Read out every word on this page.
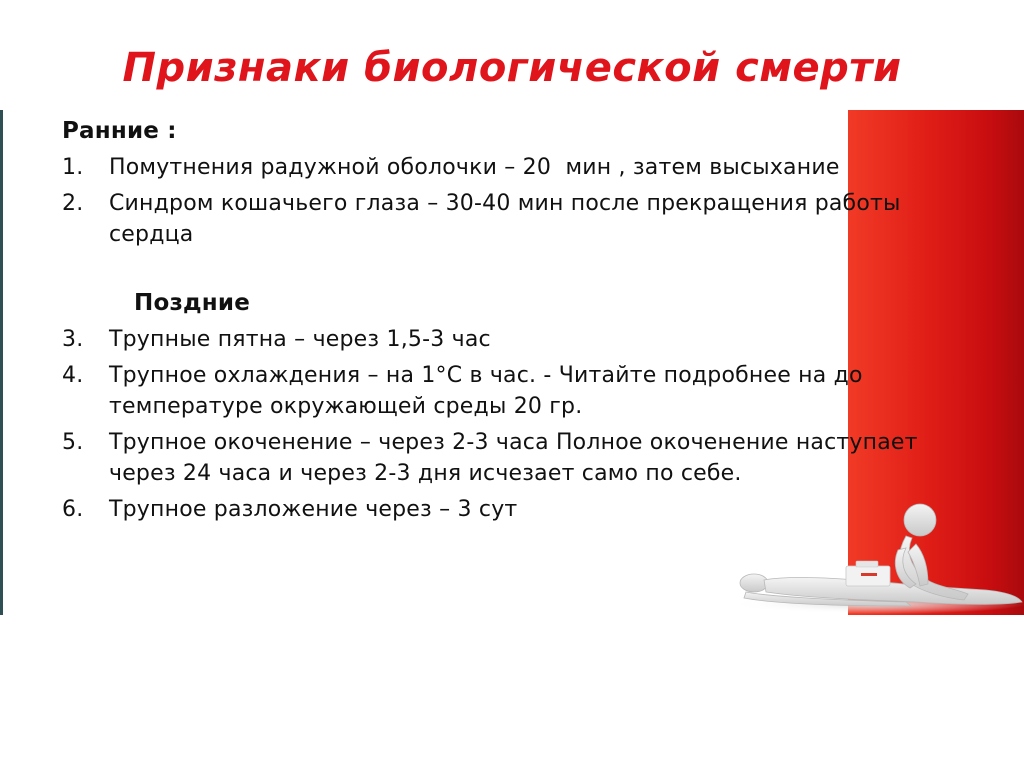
Признаки биологической смерти
Ранние :
1.	Помутнения радужной оболочки – 20  мин , затем высыхание
2.	Синдром кошачьего глаза – 30-40 мин после прекращения работы сердца
Поздние
3.	Трупные пятна – через 1,5-3 час
4.	Трупное охлаждения – на 1°С в час. - Читайте подробнее на до температуре окружающей среды 20 гр.
5.	Трупное окоченение – через 2-3 часа Полное окоченение наступает через 24 часа и через 2-3 дня исчезает само по себе.
6.	Трупное разложение через – 3 сут
